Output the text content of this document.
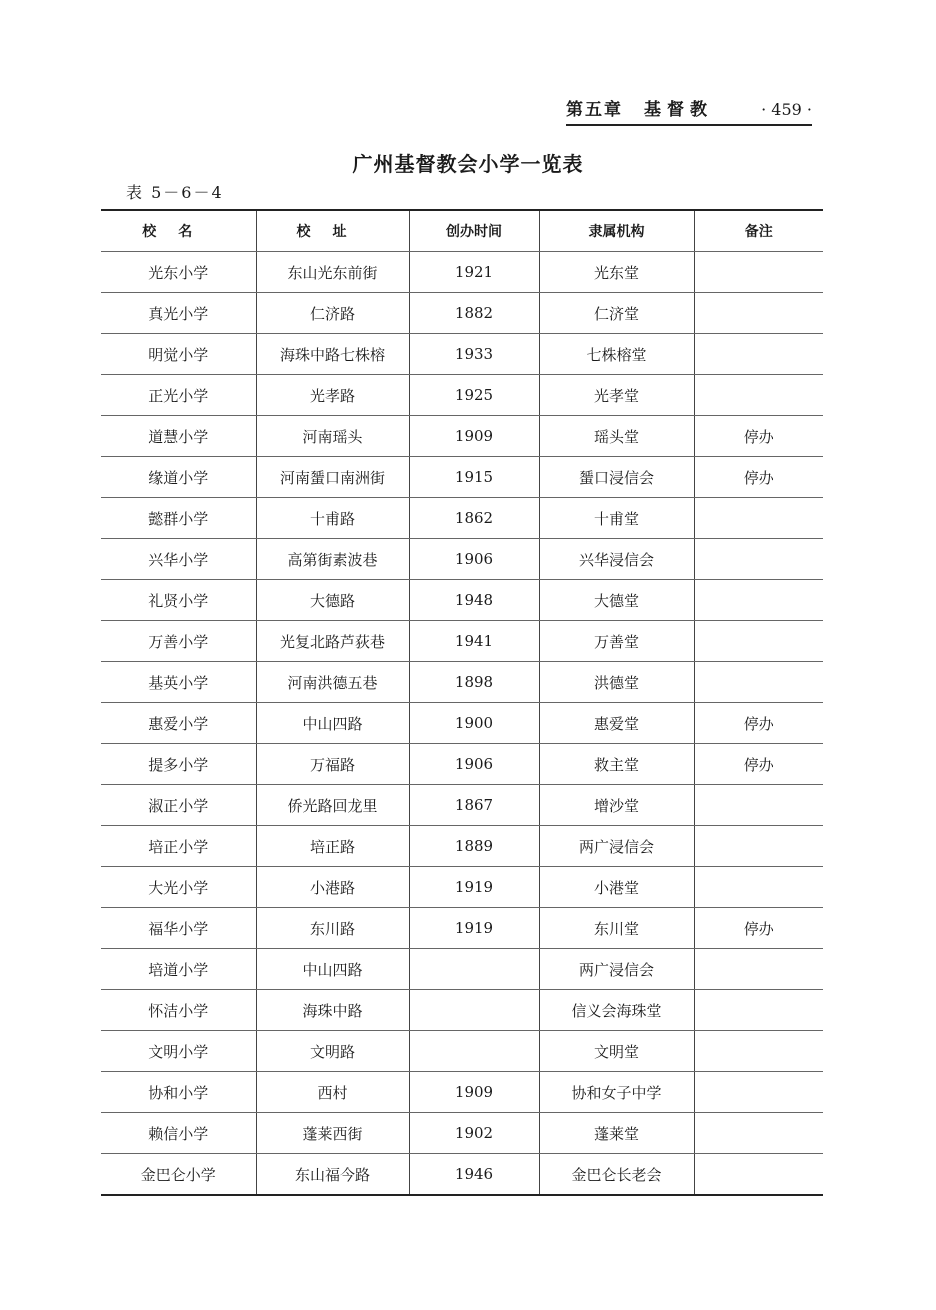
第五章 基督教	· 459 ·
广州基督教会小学一览表
表 5－6－4
校名	校址	创办时间	隶属机构	备注
光东小学	东山光东前街	1921	光东堂	
真光小学	仁济路	1882	仁济堂	
明觉小学	海珠中路七株榕	1933	七株榕堂	
正光小学	光孝路	1925	光孝堂	
道慧小学	河南瑶头	1909	瑶头堂	停办
缘道小学	河南蜑口南洲街	1915	蜑口浸信会	停办
懿群小学	十甫路	1862	十甫堂	
兴华小学	高第街素波巷	1906	兴华浸信会	
礼贤小学	大德路	1948	大德堂	
万善小学	光复北路芦荻巷	1941	万善堂	
基英小学	河南洪德五巷	1898	洪德堂	
惠爱小学	中山四路	1900	惠爱堂	停办
提多小学	万福路	1906	救主堂	停办
淑正小学	侨光路回龙里	1867	增沙堂	
培正小学	培正路	1889	两广浸信会	
大光小学	小港路	1919	小港堂	
福华小学	东川路	1919	东川堂	停办
培道小学	中山四路		两广浸信会	
怀洁小学	海珠中路		信义会海珠堂	
文明小学	文明路		文明堂	
协和小学	西村	1909	协和女子中学	
赖信小学	蓬莱西街	1902	蓬莱堂	
金巴仑小学	东山福今路	1946	金巴仑长老会	
